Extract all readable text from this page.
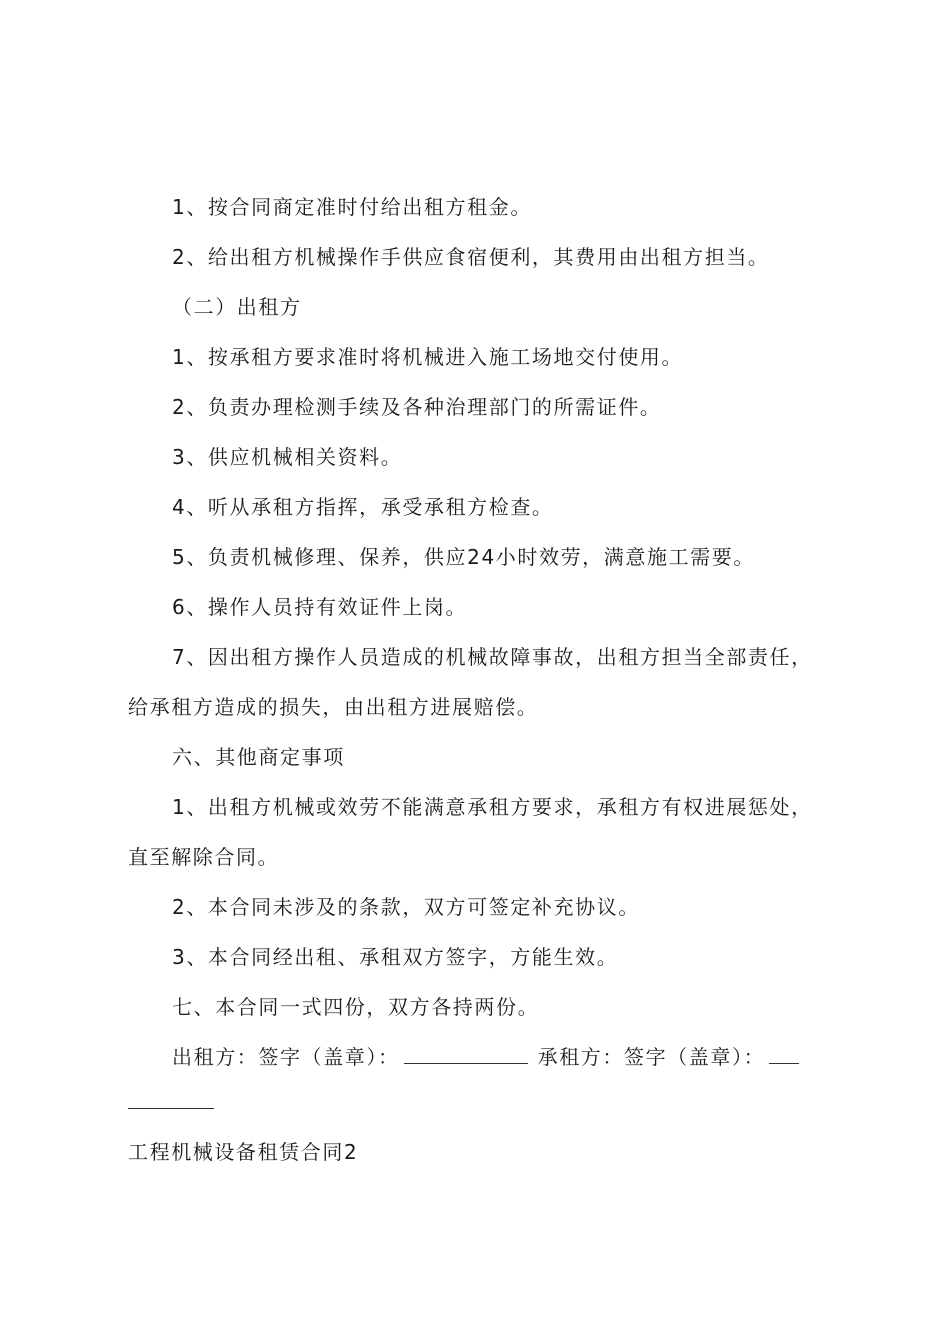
1、按合同商定准时付给出租方租金。
2、给出租方机械操作手供应食宿便利，其费用由出租方担当。
（二）出租方
1、按承租方要求准时将机械进入施工场地交付使用。
2、负责办理检测手续及各种治理部门的所需证件。
3、供应机械相关资料。
4、听从承租方指挥，承受承租方检查。
5、负责机械修理、保养，供应24小时效劳，满意施工需要。
6、操作人员持有效证件上岗。
7、因出租方操作人员造成的机械故障事故，出租方担当全部责任，
给承租方造成的损失，由出租方进展赔偿。
六、其他商定事项
1、出租方机械或效劳不能满意承租方要求，承租方有权进展惩处，
直至解除合同。
2、本合同未涉及的条款，双方可签定补充协议。
3、本合同经出租、承租双方签字，方能生效。
七、本合同一式四份，双方各持两份。
出租方：签字（盖章）：	承租方：签字（盖章）：
工程机械设备租赁合同2
